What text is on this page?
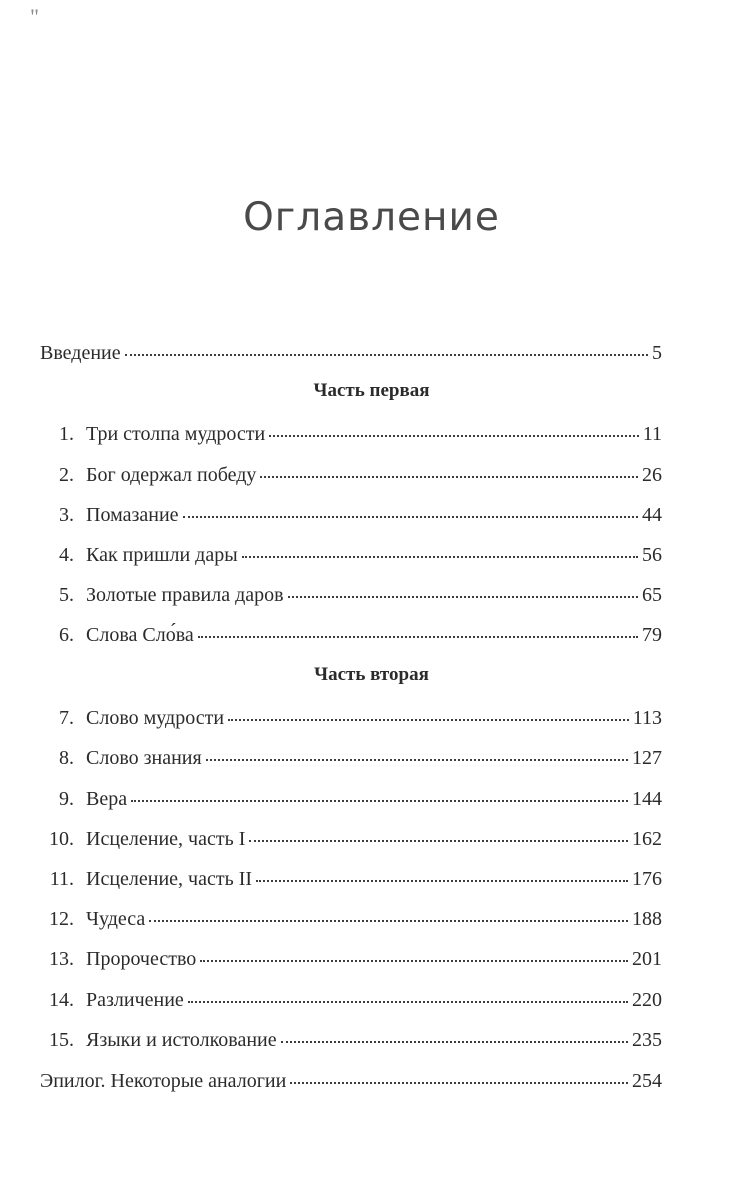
"
Оглавление
Введение	5
Часть первая
1. Три столпа мудрости	11
2. Бог одержал победу	26
3. Помазание	44
4. Как пришли дары	56
5. Золотые правила даров	65
6. Слова Сло́ва	79
Часть вторая
7. Слово мудрости	113
8. Слово знания	127
9. Вера	144
10. Исцеление, часть I	162
11. Исцеление, часть II	176
12. Чудеса	188
13. Пророчество	201
14. Различение	220
15. Языки и истолкование	235
Эпилог. Некоторые аналогии	254
